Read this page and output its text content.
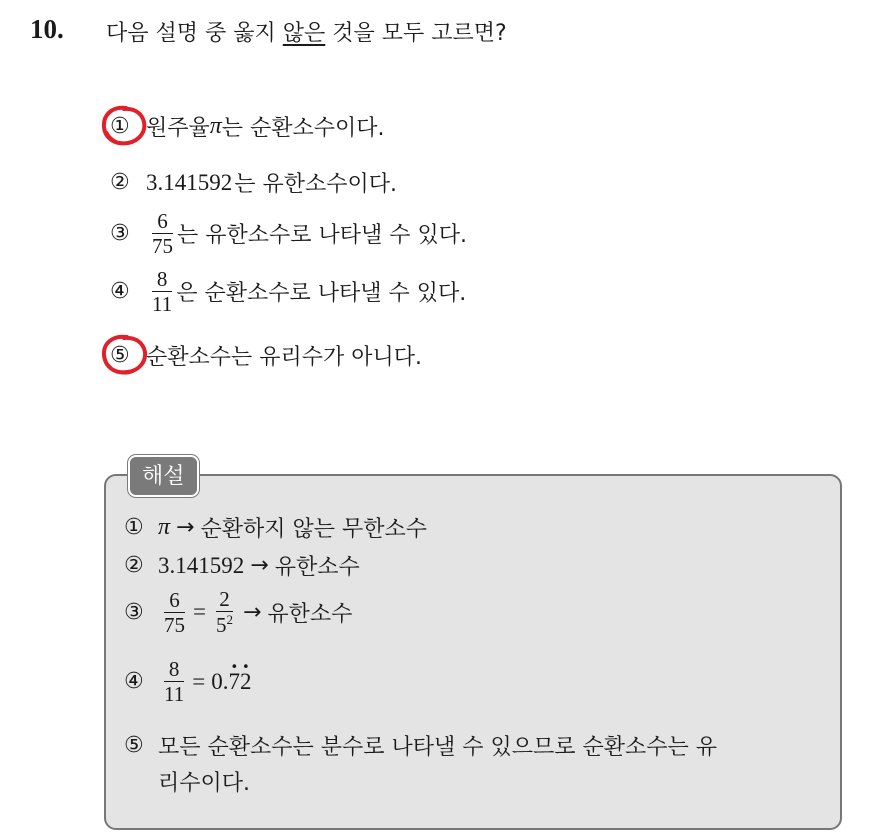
10. 다음 설명 중 옳지 않은 것을 모두 고르면?
① 원주율 π 는 순환소수이다.
② 3.141592 는 유한소수이다.
③	$\frac{6}{75}$ 는 유한소수로 나타낼 수 있다.
④	$\frac{8}{11}$ 은 순환소수로 나타낼 수 있다.
⑤ 순환소수는 유리수가 아니다.
해설
① π → 순환하지 않는 무한소수
② 3.141592 → 유한소수
③ $\frac{6}{75} = \frac{2}{5^2}$ → 유한소수
④ $\frac{8}{11} = 0.\cdot 7\cdot 2$
⑤ 모든 순환소수는 분수로 나타낼 수 있으므로 순환소수는 유
리수이다.
